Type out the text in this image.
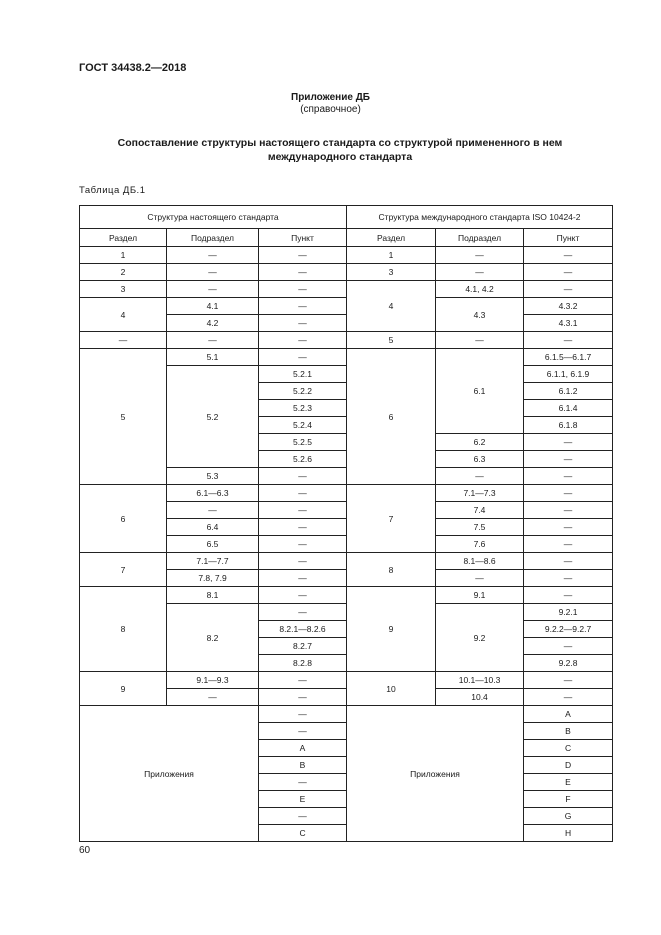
ГОСТ 34438.2—2018
Приложение ДБ
(справочное)
Сопоставление структуры настоящего стандарта со структурой примененного в нем
международного стандарта
Таблица ДБ.1
Структура настоящего стандарта			Структура международного стандарта ISO 10424-2		
Раздел	Подраздел	Пункт	Раздел	Подраздел	Пункт
1	—	—	1	—	—
2	—	—	3	—	—
3	—	—	4	4.1, 4.2	—
4	4.1	—		4.3	4.3.2
	4.2	—			4.3.1
—	—	—	5	—	—
5	5.1	—	6	6.1	6.1.5—6.1.7
	5.2	5.2.1			6.1.1, 6.1.9
		5.2.2			6.1.2
		5.2.3			6.1.4
		5.2.4			6.1.8
		5.2.5		6.2	—
		5.2.6		6.3	—
	5.3	—		—	—
6	6.1—6.3	—	7	7.1—7.3	—
	—	—		7.4	—
	6.4	—		7.5	—
	6.5	—		7.6	—
7	7.1—7.7	—	8	8.1—8.6	—
	7.8, 7.9	—		—	—
8	8.1	—	9	9.1	—
	8.2	—		9.2	9.2.1
		8.2.1—8.2.6			9.2.2—9.2.7
		8.2.7			—
		8.2.8			9.2.8
9	9.1—9.3	—	10	10.1—10.3	—
	—	—		10.4	—
Приложения		—	Приложения		A
		—			B
		A			C
		B			D
		—			E
		E			F
		—			G
		C			H
60
